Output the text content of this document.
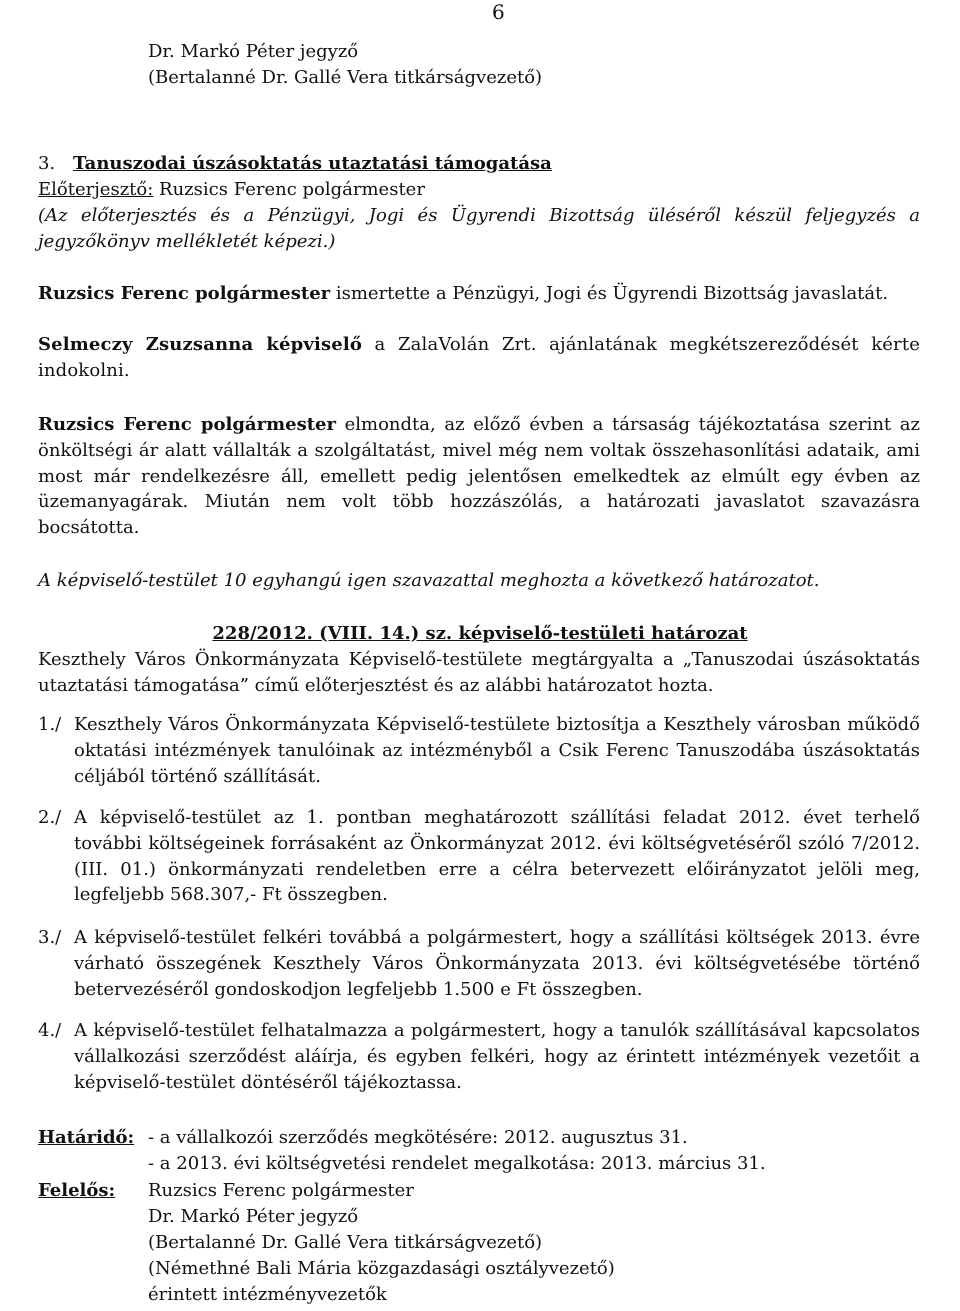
6

Dr. Markó Péter jegyző

(Bertalanné Dr. Gallé Vera titkárságvezető)

3. Tanuszodai úszásoktatás utaztatási támogatása

Előterjesztő: Ruzsics Ferenc polgármester

(Az előterjesztés és a Pénzügyi, Jogi és Ügyrendi Bizottság üléséről készül feljegyzés a jegyzőkönyv mellékletét képezi.)

Ruzsics Ferenc polgármester ismertette a Pénzügyi, Jogi és Ügyrendi Bizottság javaslatát.

Selmeczy Zsuzsanna képviselő a ZalaVolán Zrt. ajánlatának megkétszereződését kérte indokolni.

Ruzsics Ferenc polgármester elmondta, az előző évben a társaság tájékoztatása szerint az önköltségi ár alatt vállalták a szolgáltatást, mivel még nem voltak összehasonlítási adataik, ami most már rendelkezésre áll, emellett pedig jelentősen emelkedtek az elmúlt egy évben az üzemanyagárak. Miután nem volt több hozzászólás, a határozati javaslatot szavazásra bocsátotta.

A képviselő-testület 10 egyhangú igen szavazattal meghozta a következő határozatot.

228/2012. (VIII. 14.) sz. képviselő-testületi határozat

Keszthely Város Önkormányzata Képviselő-testülete megtárgyalta a „Tanuszodai úszásoktatás utaztatási támogatása” című előterjesztést és az alábbi határozatot hozta.

1./ Keszthely Város Önkormányzata Képviselő-testülete biztosítja a Keszthely városban működő oktatási intézmények tanulóinak az intézményből a Csik Ferenc Tanuszodába úszásoktatás céljából történő szállítását.

2./ A képviselő-testület az 1. pontban meghatározott szállítási feladat 2012. évet terhelő további költségeinek forrásaként az Önkormányzat 2012. évi költségvetéséről szóló 7/2012. (III. 01.) önkormányzati rendeletben erre a célra betervezett előirányzatot jelöli meg, legfeljebb 568.307,- Ft összegben.

3./ A képviselő-testület felkéri továbbá a polgármestert, hogy a szállítási költségek 2013. évre várható összegének Keszthely Város Önkormányzata 2013. évi költségvetésébe történő betervezéséről gondoskodjon legfeljebb 1.500 e Ft összegben.

4./ A képviselő-testület felhatalmazza a polgármestert, hogy a tanulók szállításával kapcsolatos vállalkozási szerződést aláírja, és egyben felkéri, hogy az érintett intézmények vezetőit a képviselő-testület döntéséről tájékoztassa.

Határidő: - a vállalkozói szerződés megkötésére: 2012. augusztus 31.

- a 2013. évi költségvetési rendelet megalkotása: 2013. március 31.

Felelős: Ruzsics Ferenc polgármester

Dr. Markó Péter jegyző

(Bertalanné Dr. Gallé Vera titkárságvezető)

(Némethné Bali Mária közgazdasági osztályvezető)

érintett intézményvezetők
